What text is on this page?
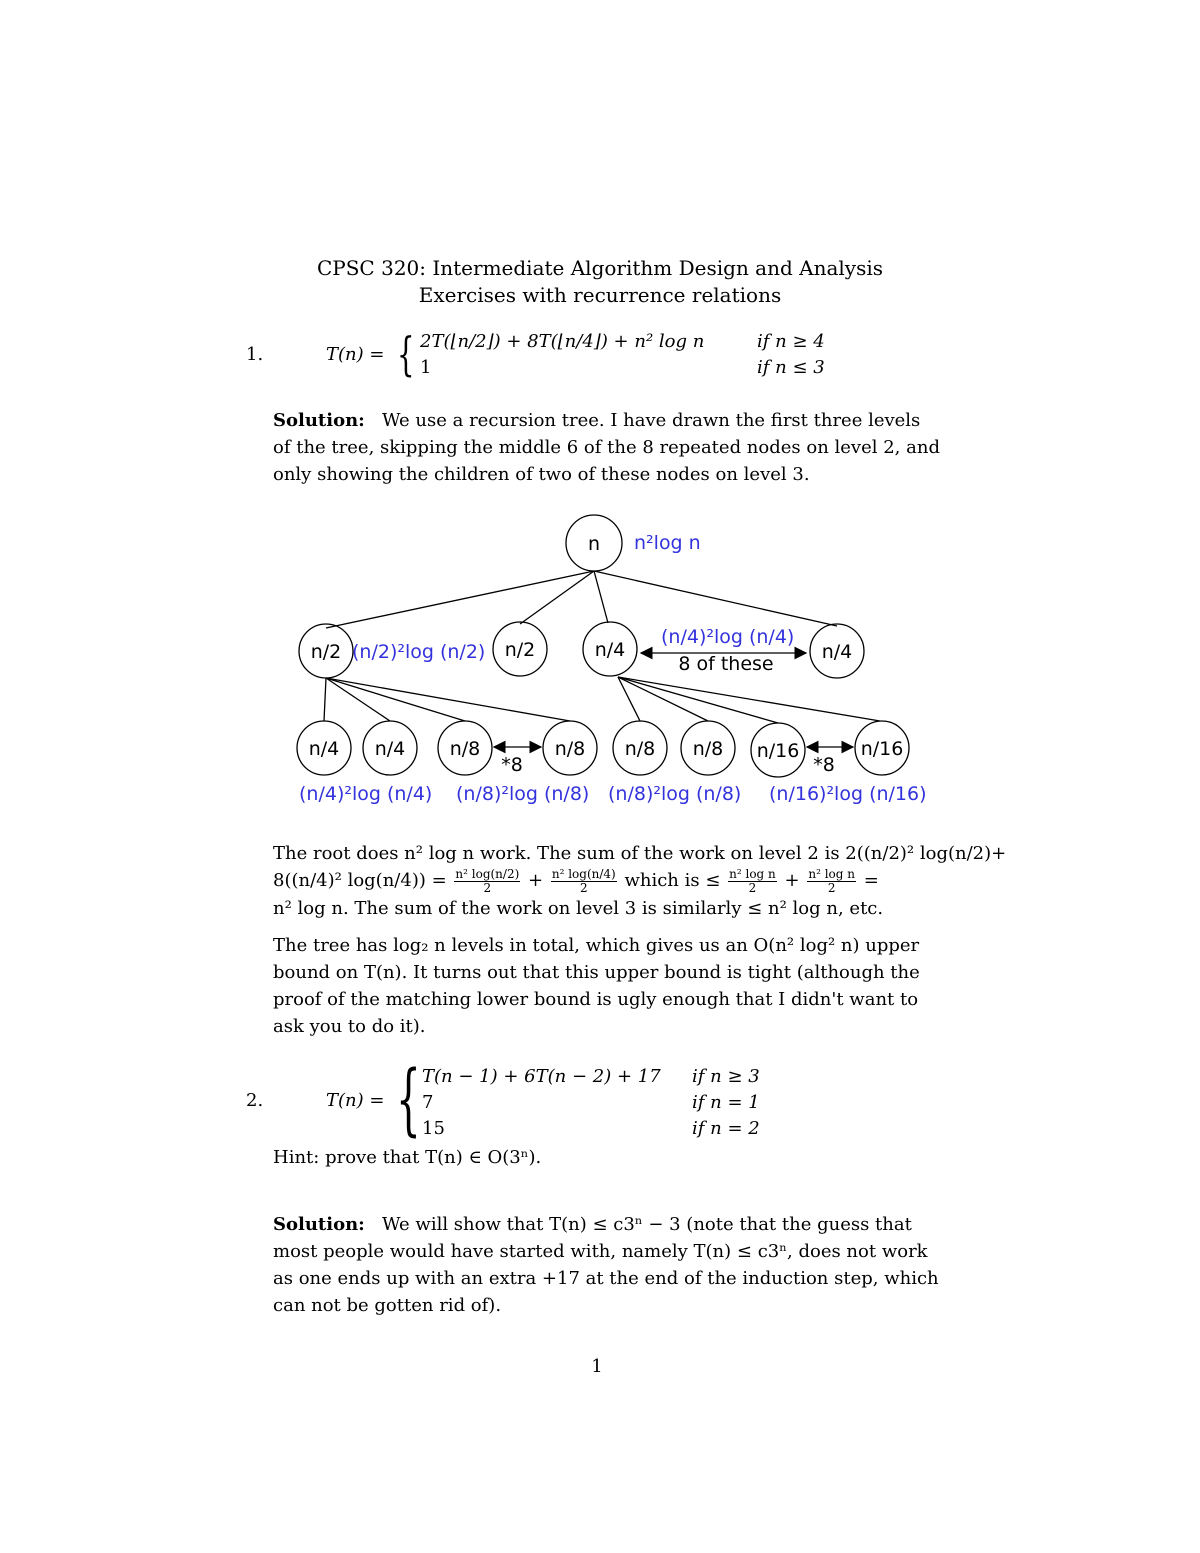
CPSC 320: Intermediate Algorithm Design and Analysis
Exercises with recurrence relations
1.	T(n) = { 2T(⌊n/2⌋) + 8T(⌊n/4⌋) + n² log n	if n ≥ 4
1	if n ≤ 3
Solution: We use a recursion tree. I have drawn the first three levels
of the tree, skipping the middle 6 of the 8 repeated nodes on level 2, and
only showing the children of two of these nodes on level 3.
n
n/2	n/2	n/4	n/4
n/4 n/4 n/8	n/8 n/8 n/8 n/16	n/16
8 of these
*8	*8
n²log n
(n/2)²log (n/2)
(n/4)²log (n/4)
(n/4)²log (n/4) (n/8)²log (n/8) (n/8)²log (n/8) (n/16)²log (n/16)
The root does n² log n work. The sum of the work on level 2 is 2((n/2)² log(n/2)+
8((n/4)² $\log(n/4)) = \frac{\text{n² log(n/2)}}{2} + \frac{\text{n² log(n/4)}}{2}$ which is ≤ $\frac{\text{n² log n}}{2} + \frac{\text{n² log n}}{2}$ =
n² log n. The sum of the work on level 3 is similarly ≤ n² log n, etc.
The tree has log₂ n levels in total, which gives us an O(n² log² n) upper
bound on T(n). It turns out that this upper bound is tight (although the
proof of the matching lower bound is ugly enough that I didn't want to
ask you to do it).
2.	T(n) = { T(n − 1) + 6T(n − 2) + 17 if n ≥ 3
7	if n = 1
15	if n = 2
Hint: prove that T(n) ∈ O(3ⁿ).
Solution: We will show that T(n) ≤ c3ⁿ − 3 (note that the guess that
most people would have started with, namely T(n) ≤ c3ⁿ, does not work
as one ends up with an extra +17 at the end of the induction step, which
can not be gotten rid of).
1
